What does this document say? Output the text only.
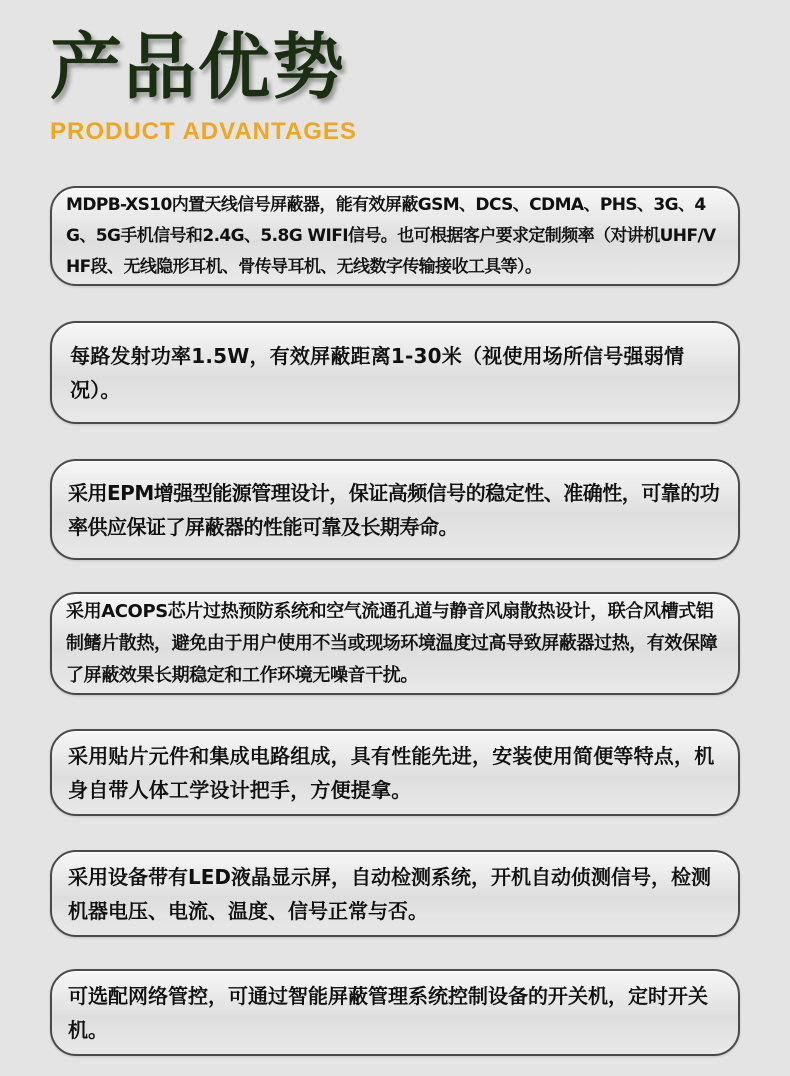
产品优势
PRODUCT ADVANTAGES
MDPB-XS10内置天线信号屏蔽器，能有效屏蔽GSM、DCS、CDMA、PHS、3G、4G、5G手机信号和2.4G、5.8G WIFI信号。也可根据客户要求定制频率（对讲机UHF/VHF段、无线隐形耳机、骨传导耳机、无线数字传输接收工具等）。
每路发射功率1.5W，有效屏蔽距离1-30米（视使用场所信号强弱情况）。
采用EPM增强型能源管理设计，保证高频信号的稳定性、准确性，可靠的功率供应保证了屏蔽器的性能可靠及长期寿命。
采用ACOPS芯片过热预防系统和空气流通孔道与静音风扇散热设计，联合风槽式铝制鳍片散热，避免由于用户使用不当或现场环境温度过高导致屏蔽器过热，有效保障了屏蔽效果长期稳定和工作环境无噪音干扰。
采用贴片元件和集成电路组成，具有性能先进，安装使用简便等特点，机身自带人体工学设计把手，方便提拿。
采用设备带有LED液晶显示屏，自动检测系统，开机自动侦测信号，检测机器电压、电流、温度、信号正常与否。
可选配网络管控，可通过智能屏蔽管理系统控制设备的开关机，定时开关机。
